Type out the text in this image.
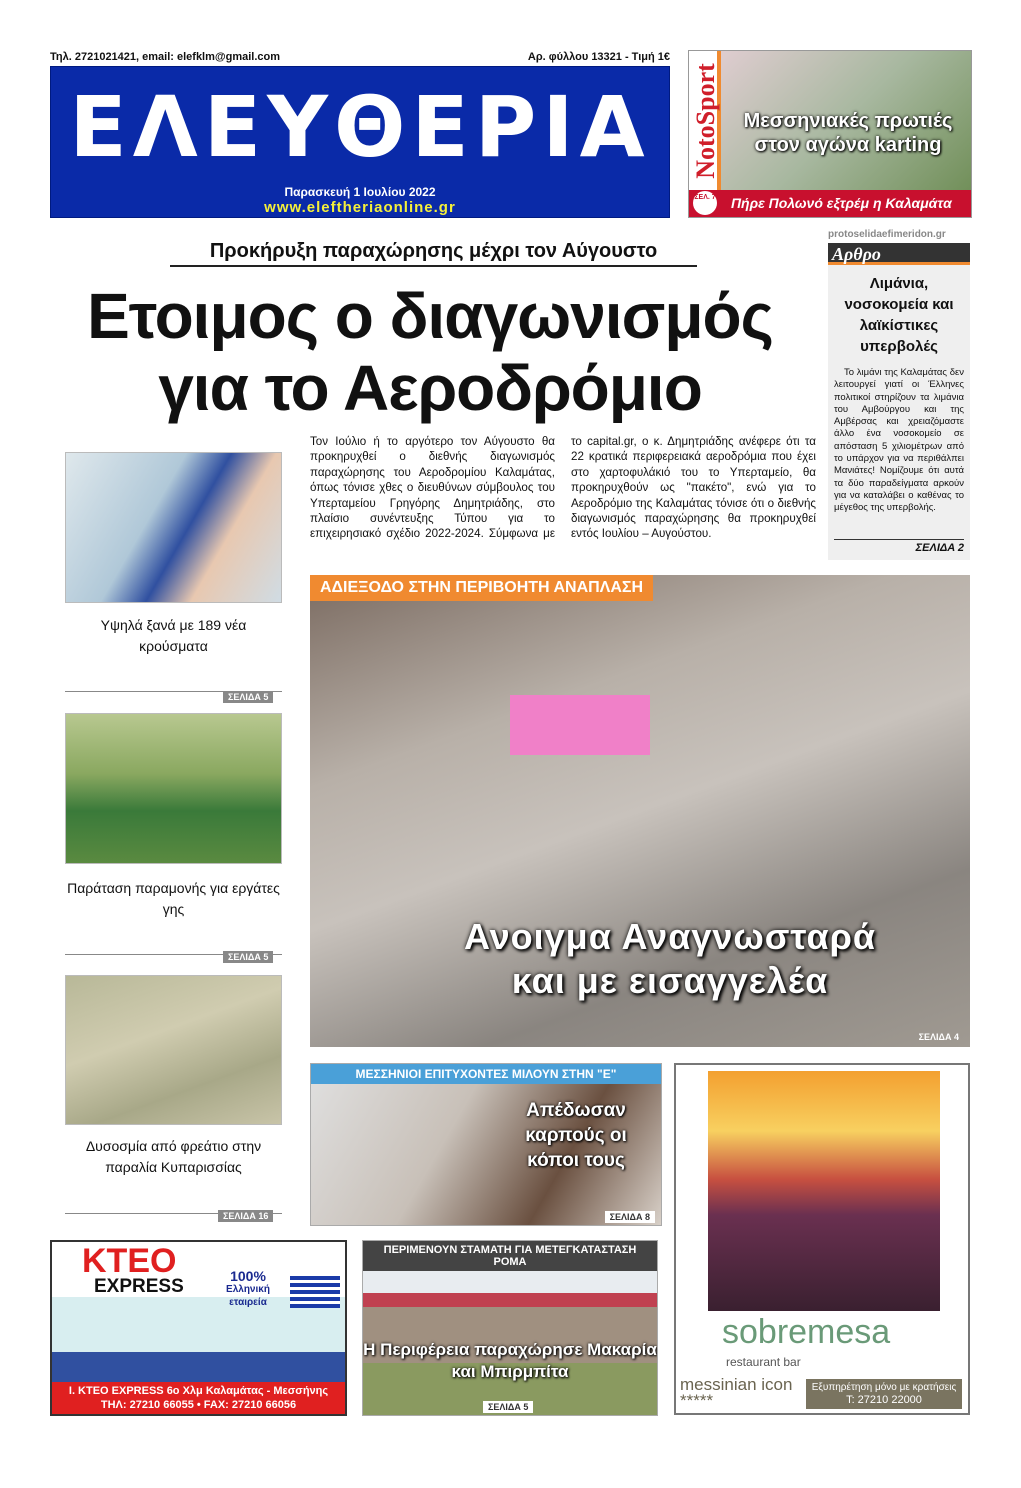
Τηλ. 2721021421, email: elefklm@gmail.com	Αρ. φύλλου 13321 - Τιμή 1€
ΕΛΕΥΘΕΡΙΑ
Παρασκευή 1 Ιουλίου 2022
www.eleftheriaonline.gr
NotoSport	Μεσσηνιακές πρωτιές στον αγώνα karting
Πήρε Πολωνό εξτρέμ η Καλαμάτα
ΣΕΛ. 7
Προκήρυξη παραχώρησης μέχρι τον Αύγουστο
Ετοιμος ο διαγωνισμός
για το Αεροδρόμιο
Αρθρο
protoselidaefimeridon.gr
Λιμάνια, νοσοκομεία και λαϊκίστικες υπερβολές

Το λιμάνι της Καλαμάτας δεν λειτουργεί γιατί οι Έλληνες πολιτικοί στηρίζουν τα λιμάνια του Αμβούργου και της Αμβέρσας και χρειαζόμαστε άλλο ένα νοσοκομείο σε απόσταση 5 χιλιομέτρων από το υπάρχον για να περιθάλπει Μανιάτες! Νομίζουμε ότι αυτά τα δύο παραδείγματα αρκούν για να καταλάβει ο καθένας το μέγεθος της υπερβολής.

ΣΕΛΙΔΑ 2
Τον Ιούλιο ή το αργότερο τον Αύγουστο θα προκηρυχθεί ο διεθνής διαγωνισμός παραχώρησης του Αεροδρομίου Καλαμάτας, όπως τόνισε χθες ο διευθύνων σύμβουλος του Υπερταμείου Γρηγόρης Δημητριάδης, στο πλαίσιο συνέντευξης Τύπου για το επιχειρησιακό σχέδιο 2022-2024. Σύμφωνα με το capital.gr, ο κ. Δημητριάδης ανέφερε ότι τα 22 κρατικά περιφερειακά αεροδρόμια που έχει στο χαρτοφυλάκιό του το Υπερταμείο, θα προκηρυχθούν ως "πακέτο", ενώ για το Αεροδρόμιο της Καλαμάτας τόνισε ότι ο διεθνής διαγωνισμός παραχώρησης θα προκηρυχθεί εντός Ιουλίου – Αυγούστου.
Υψηλά ξανά με 189 νέα κρούσματα
ΣΕΛΙΔΑ 5
Παράταση παραμονής για εργάτες γης
ΣΕΛΙΔΑ 5
Δυσοσμία από φρεάτιο στην παραλία Κυπαρισσίας
ΣΕΛΙΔΑ 16
ΑΔΙΕΞΟΔΟ ΣΤΗΝ ΠΕΡΙΒΟΗΤΗ ΑΝΑΠΛΑΣΗ
Ανοιγμα Αναγνωσταρά
και με εισαγγελέα
ΣΕΛΙΔΑ 4
ΜΕΣΣΗΝΙΟΙ ΕΠΙΤΥΧΟΝΤΕΣ ΜΙΛΟΥΝ ΣΤΗΝ "Ε"
Απέδωσαν καρπούς οι κόποι τους
ΣΕΛΙΔΑ 8
sobremesa
restaurant bar
messinian icon *****
Εξυπηρέτηση μόνο με κρατήσεις
Τ: 27210 22000
ΚΤΕΟ
EXPRESS	100%
Ελληνική εταιρεία
Ι. ΚΤΕΟ EXPRESS 6ο Χλμ Καλαμάτας - Μεσσήνης
ΤΗΛ: 27210 66055 • FAX: 27210 66056
ΠΕΡΙΜΕΝΟΥΝ ΣΤΑΜΑΤΗ ΓΙΑ ΜΕΤΕΓΚΑΤΑΣΤΑΣΗ ΡΟΜΑ
Η Περιφέρεια παραχώρησε Μακαρία και Μπιρμπίτα
ΣΕΛΙΔΑ 5
